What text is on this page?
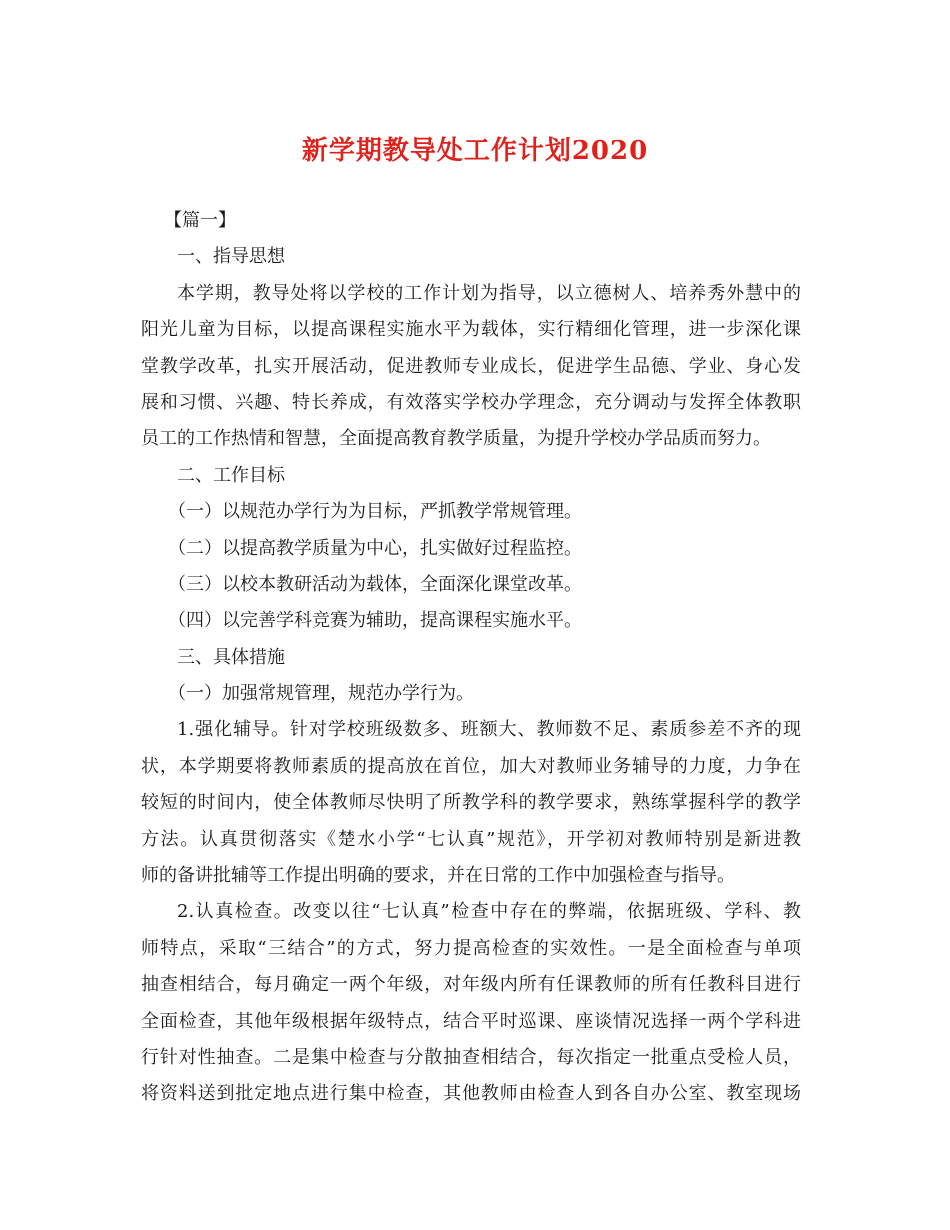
新学期教导处工作计划2020
【篇一】
一、指导思想
本学期，教导处将以学校的工作计划为指导，以立德树人、培养秀外慧中的
阳光儿童为目标，以提高课程实施水平为载体，实行精细化管理，进一步深化课
堂教学改革，扎实开展活动，促进教师专业成长，促进学生品德、学业、身心发
展和习惯、兴趣、特长养成，有效落实学校办学理念，充分调动与发挥全体教职
员工的工作热情和智慧，全面提高教育教学质量，为提升学校办学品质而努力。
二、工作目标
（一）以规范办学行为为目标，严抓教学常规管理。
（二）以提高教学质量为中心，扎实做好过程监控。
（三）以校本教研活动为载体，全面深化课堂改革。
（四）以完善学科竞赛为辅助，提高课程实施水平。
三、具体措施
（一）加强常规管理，规范办学行为。
1.强化辅导。针对学校班级数多、班额大、教师数不足、素质参差不齐的现
状，本学期要将教师素质的提高放在首位，加大对教师业务辅导的力度，力争在
较短的时间内，使全体教师尽快明了所教学科的教学要求，熟练掌握科学的教学
方法。认真贯彻落实《楚水小学“七认真”规范》，开学初对教师特别是新进教
师的备讲批辅等工作提出明确的要求，并在日常的工作中加强检查与指导。
2.认真检查。改变以往“七认真”检查中存在的弊端，依据班级、学科、教
师特点，采取“三结合”的方式，努力提高检查的实效性。一是全面检查与单项
抽查相结合，每月确定一两个年级，对年级内所有任课教师的所有任教科目进行
全面检查，其他年级根据年级特点，结合平时巡课、座谈情况选择一两个学科进
行针对性抽查。二是集中检查与分散抽查相结合，每次指定一批重点受检人员，
将资料送到批定地点进行集中检查，其他教师由检查人到各自办公室、教室现场
